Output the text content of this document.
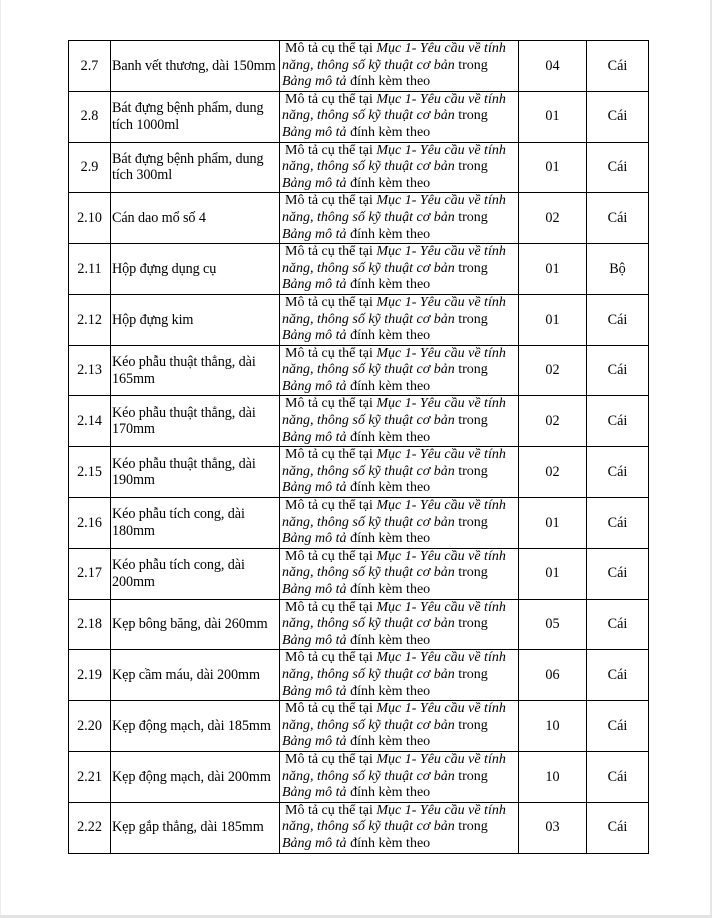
2.7	Banh vết thương, dài 150mm	Mô tả cụ thể tại Mục 1- Yêu cầu về tính
năng, thông số kỹ thuật cơ bản trong
Bảng mô tả đính kèm theo	04	Cái
2.8	Bát đựng bệnh phẩm, dung tích 1000ml	Mô tả cụ thể tại Mục 1- Yêu cầu về tính
năng, thông số kỹ thuật cơ bản trong
Bảng mô tả đính kèm theo	01	Cái
2.9	Bát đựng bệnh phẩm, dung tích 300ml	Mô tả cụ thể tại Mục 1- Yêu cầu về tính
năng, thông số kỹ thuật cơ bản trong
Bảng mô tả đính kèm theo	01	Cái
2.10	Cán dao mổ số 4	Mô tả cụ thể tại Mục 1- Yêu cầu về tính
năng, thông số kỹ thuật cơ bản trong
Bảng mô tả đính kèm theo	02	Cái
2.11	Hộp đựng dụng cụ	Mô tả cụ thể tại Mục 1- Yêu cầu về tính
năng, thông số kỹ thuật cơ bản trong
Bảng mô tả đính kèm theo	01	Bộ
2.12	Hộp đựng kim	Mô tả cụ thể tại Mục 1- Yêu cầu về tính
năng, thông số kỹ thuật cơ bản trong
Bảng mô tả đính kèm theo	01	Cái
2.13	Kéo phẫu thuật thẳng, dài 165mm	Mô tả cụ thể tại Mục 1- Yêu cầu về tính
năng, thông số kỹ thuật cơ bản trong
Bảng mô tả đính kèm theo	02	Cái
2.14	Kéo phẫu thuật thẳng, dài 170mm	Mô tả cụ thể tại Mục 1- Yêu cầu về tính
năng, thông số kỹ thuật cơ bản trong
Bảng mô tả đính kèm theo	02	Cái
2.15	Kéo phẫu thuật thẳng, dài 190mm	Mô tả cụ thể tại Mục 1- Yêu cầu về tính
năng, thông số kỹ thuật cơ bản trong
Bảng mô tả đính kèm theo	02	Cái
2.16	Kéo phẫu tích cong, dài 180mm	Mô tả cụ thể tại Mục 1- Yêu cầu về tính
năng, thông số kỹ thuật cơ bản trong
Bảng mô tả đính kèm theo	01	Cái
2.17	Kéo phẫu tích cong, dài 200mm	Mô tả cụ thể tại Mục 1- Yêu cầu về tính
năng, thông số kỹ thuật cơ bản trong
Bảng mô tả đính kèm theo	01	Cái
2.18	Kẹp bông băng, dài 260mm	Mô tả cụ thể tại Mục 1- Yêu cầu về tính
năng, thông số kỹ thuật cơ bản trong
Bảng mô tả đính kèm theo	05	Cái
2.19	Kẹp cầm máu, dài 200mm	Mô tả cụ thể tại Mục 1- Yêu cầu về tính
năng, thông số kỹ thuật cơ bản trong
Bảng mô tả đính kèm theo	06	Cái
2.20	Kẹp động mạch, dài 185mm	Mô tả cụ thể tại Mục 1- Yêu cầu về tính
năng, thông số kỹ thuật cơ bản trong
Bảng mô tả đính kèm theo	10	Cái
2.21	Kẹp động mạch, dài 200mm	Mô tả cụ thể tại Mục 1- Yêu cầu về tính
năng, thông số kỹ thuật cơ bản trong
Bảng mô tả đính kèm theo	10	Cái
2.22	Kẹp gắp thẳng, dài 185mm	Mô tả cụ thể tại Mục 1- Yêu cầu về tính
năng, thông số kỹ thuật cơ bản trong
Bảng mô tả đính kèm theo	03	Cái
